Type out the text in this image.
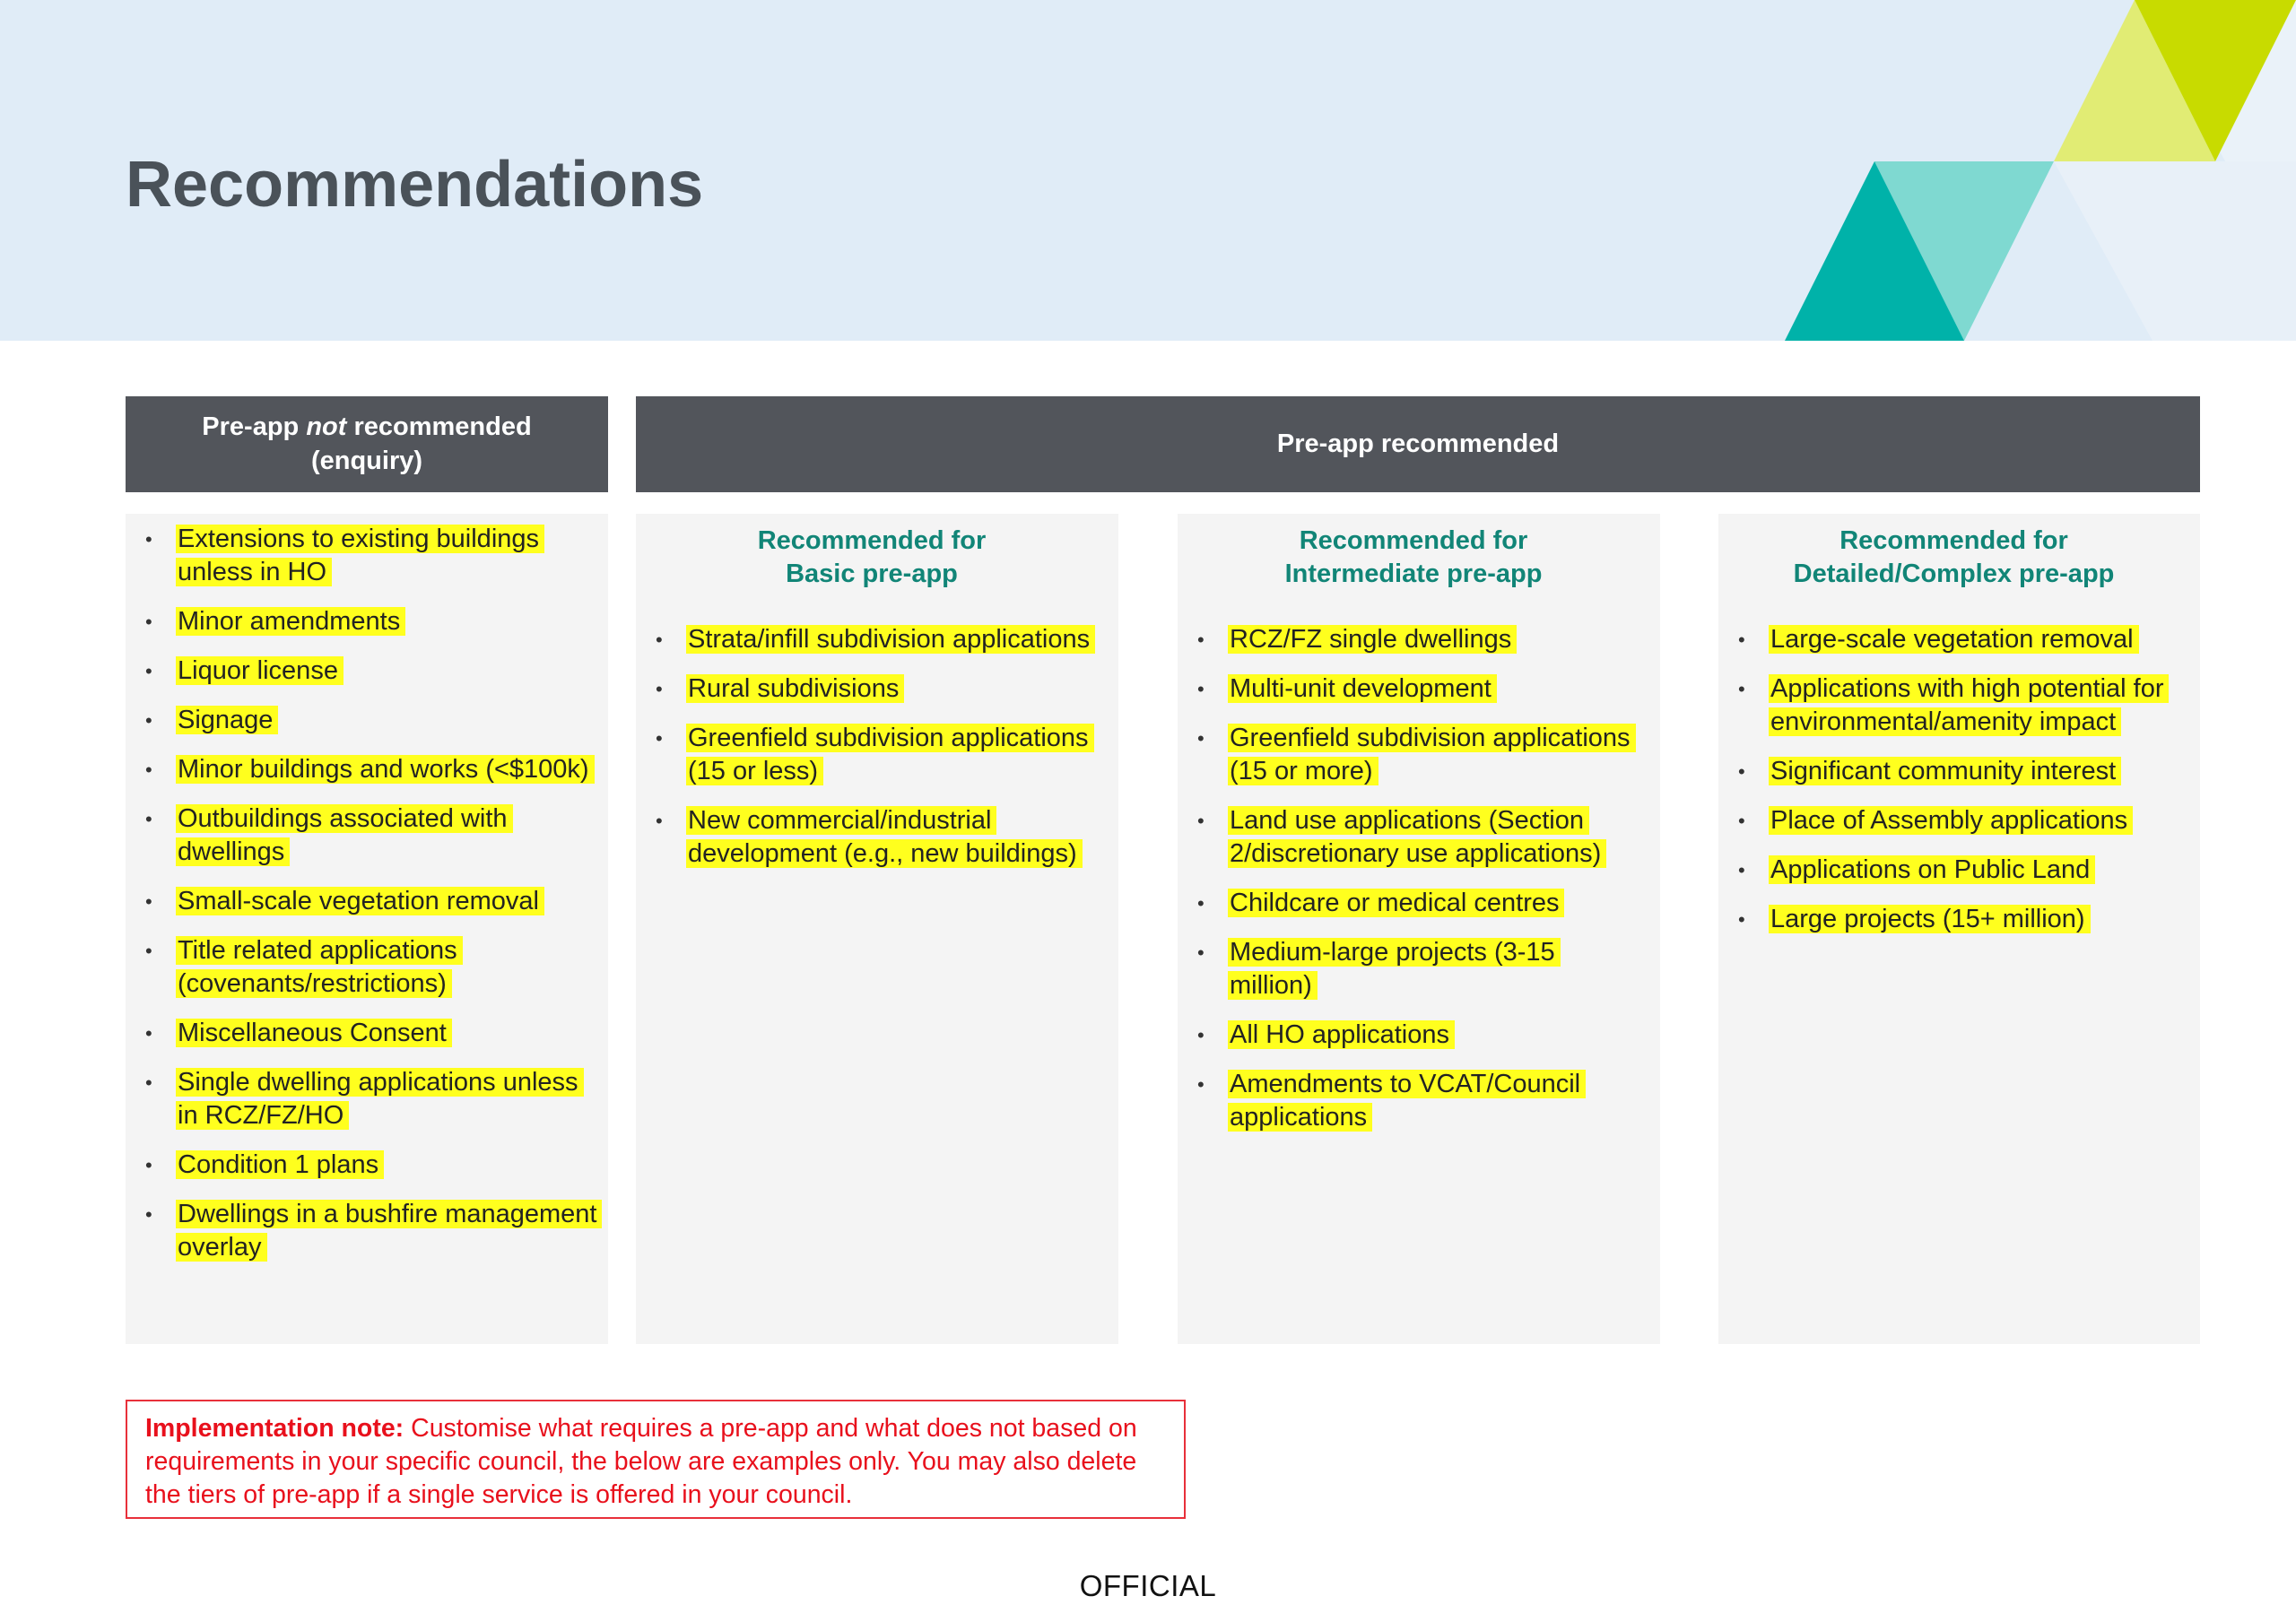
Recommendations
Pre-app not recommended
(enquiry)
Pre-app recommended
• Extensions to existing buildings unless in HO
• Minor amendments
• Liquor license
• Signage
• Minor buildings and works (<$100k)
• Outbuildings associated with dwellings
• Small-scale vegetation removal
• Title related applications (covenants/restrictions)
• Miscellaneous Consent
• Single dwelling applications unless in RCZ/FZ/HO
• Condition 1 plans
• Dwellings in a bushfire management overlay
Recommended for
Basic pre-app
• Strata/infill subdivision applications
• Rural subdivisions
• Greenfield subdivision applications (15 or less)
• New commercial/industrial development (e.g., new buildings)
Recommended for
Intermediate pre-app
• RCZ/FZ single dwellings
• Multi-unit development
• Greenfield subdivision applications (15 or more)
• Land use applications (Section 2/discretionary use applications)
• Childcare or medical centres
• Medium-large projects (3-15 million)
• All HO applications
• Amendments to VCAT/Council applications
Recommended for
Detailed/Complex pre-app
• Large-scale vegetation removal
• Applications with high potential for environmental/amenity impact
• Significant community interest
• Place of Assembly applications
• Applications on Public Land
• Large projects (15+ million)
Implementation note: Customise what requires a pre-app and what does not based on requirements in your specific council, the below are examples only. You may also delete the tiers of pre-app if a single service is offered in your council.
OFFICIAL
